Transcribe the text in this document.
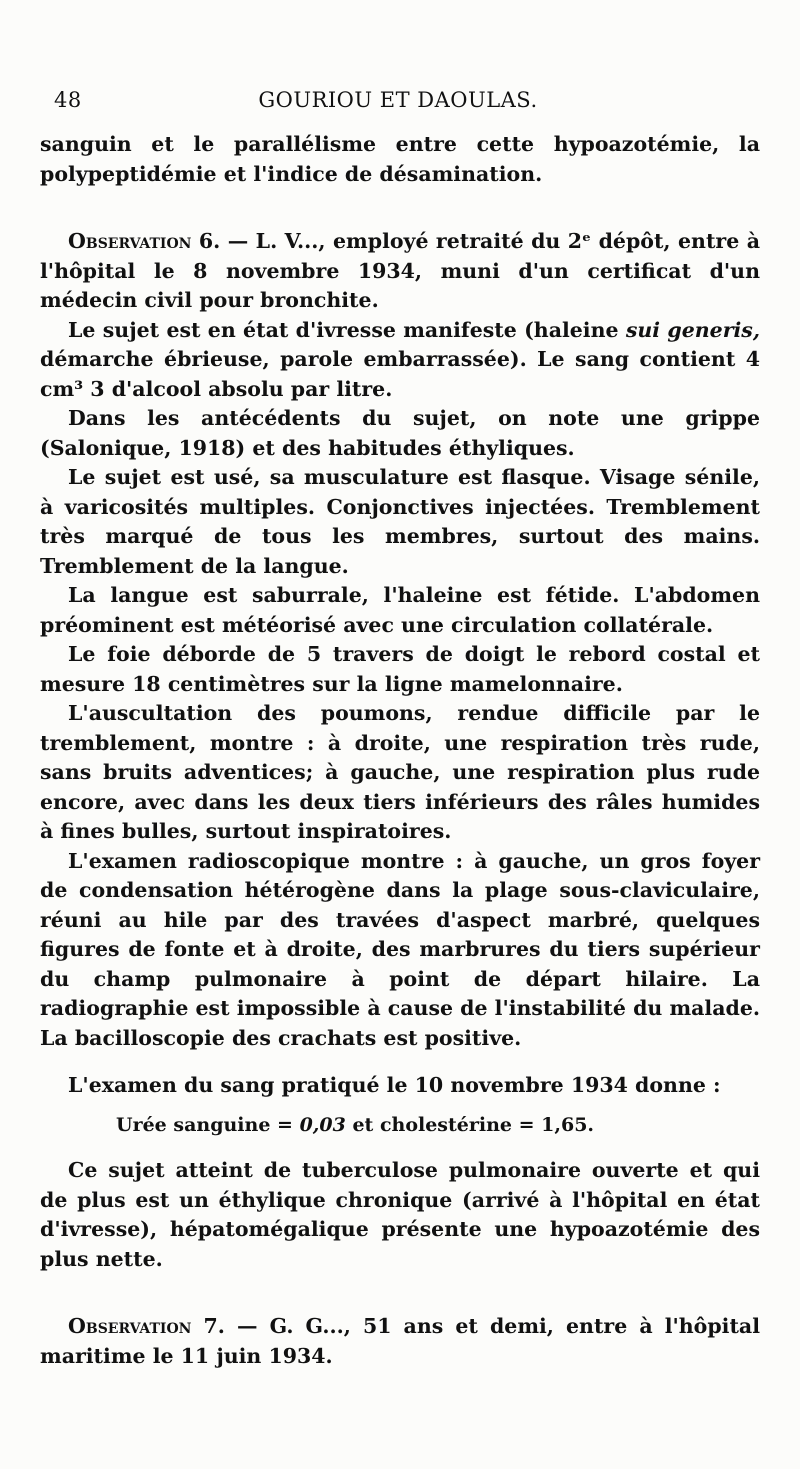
48	GOURIOU ET DAOULAS.

sanguin et le parallélisme entre cette hypoazotémie, la polypeptidémie et l'indice de désamination.

Observation 6. — L. V..., employé retraité du 2ᵉ dépôt, entre à l'hôpital le 8 novembre 1934, muni d'un certificat d'un médecin civil pour bronchite.

Le sujet est en état d'ivresse manifeste (haleine sui generis, démarche ébrieuse, parole embarrassée). Le sang contient 4 cm³ 3 d'alcool absolu par litre.

Dans les antécédents du sujet, on note une grippe (Salonique, 1918) et des habitudes éthyliques.

Le sujet est usé, sa musculature est flasque. Visage sénile, à varicosités multiples. Conjonctives injectées. Tremblement très marqué de tous les membres, surtout des mains. Tremblement de la langue.

La langue est saburrale, l'haleine est fétide. L'abdomen préominent est météorisé avec une circulation collatérale.

Le foie déborde de 5 travers de doigt le rebord costal et mesure 18 centimètres sur la ligne mamelonnaire.

L'auscultation des poumons, rendue difficile par le tremblement, montre : à droite, une respiration très rude, sans bruits adventices; à gauche, une respiration plus rude encore, avec dans les deux tiers inférieurs des râles humides à fines bulles, surtout inspiratoires.

L'examen radioscopique montre : à gauche, un gros foyer de condensation hétérogène dans la plage sous-claviculaire, réuni au hile par des travées d'aspect marbré, quelques figures de fonte et à droite, des marbrures du tiers supérieur du champ pulmonaire à point de départ hilaire. La radiographie est impossible à cause de l'instabilité du malade. La bacilloscopie des crachats est positive.

L'examen du sang pratiqué le 10 novembre 1934 donne :

Urée sanguine = 0,03 et cholestérine = 1,65.

Ce sujet atteint de tuberculose pulmonaire ouverte et qui de plus est un éthylique chronique (arrivé à l'hôpital en état d'ivresse), hépatomégalique présente une hypoazotémie des plus nette.

Observation 7. — G. G..., 51 ans et demi, entre à l'hôpital maritime le 11 juin 1934.
